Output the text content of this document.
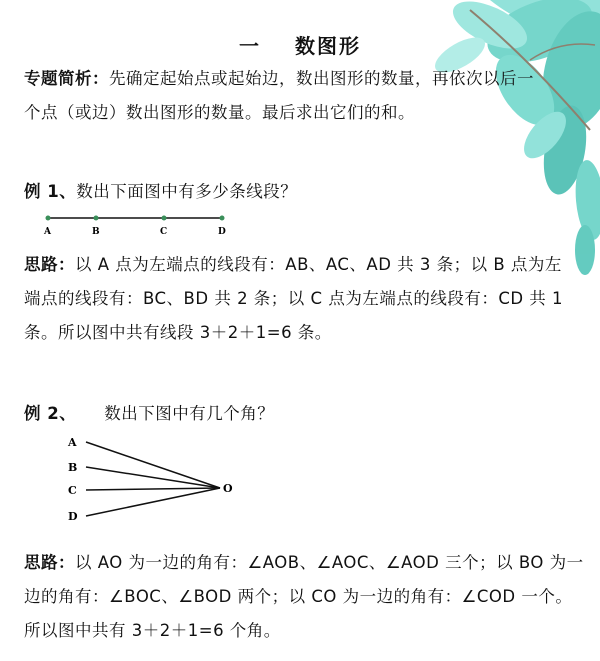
一 数图形
专题简析：先确定起始点或起始边，数出图形的数量，再依次以后一
个点（或边）数出图形的数量。最后求出它们的和。
例 1、数出下面图中有多少条线段？
A	B	C	D
思路：以 A 点为左端点的线段有：AB、AC、AD 共 3 条；以 B 点为左
端点的线段有：BC、BD 共 2 条；以 C 点为左端点的线段有：CD 共 1
条。所以图中共有线段 3＋2＋1=6 条。
例 2、 数出下图中有几个角？
A
B
C
D
O
思路：以 AO 为一边的角有：∠AOB、∠AOC、∠AOD 三个；以 BO 为一
边的角有：∠BOC、∠BOD 两个；以 CO 为一边的角有：∠COD 一个。
所以图中共有 3＋2＋1=6 个角。
